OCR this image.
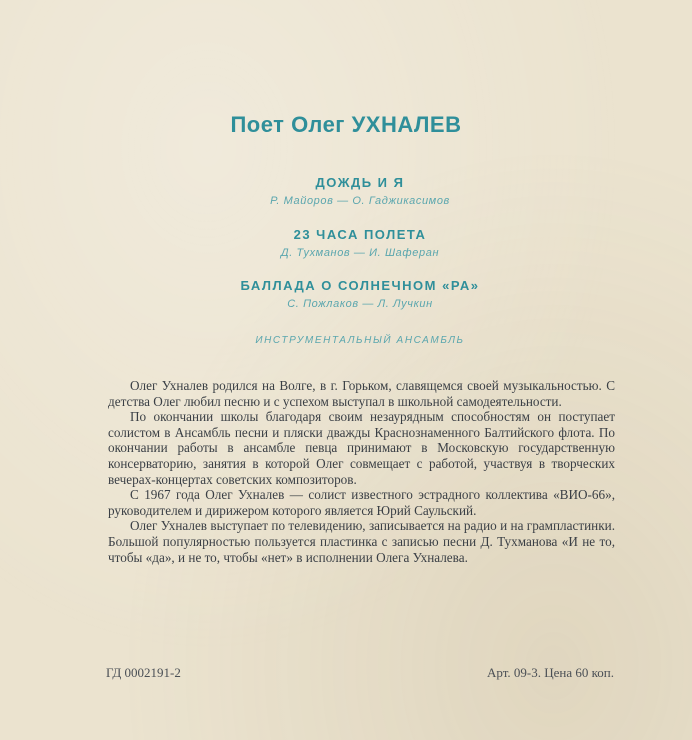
Поет Олег УХНАЛЕВ
ДОЖДЬ И Я
Р. Майоров — О. Гаджикасимов
23 ЧАСА ПОЛЕТА
Д. Тухманов — И. Шаферан
БАЛЛАДА О СОЛНЕЧНОМ «РА»
С. Пожлаков — Л. Лучкин
ИНСТРУМЕНТАЛЬНЫЙ АНСАМБЛЬ

Олег Ухналев родился на Волге, в г. Горьком, славящемся своей музыкальностью. С детства Олег любил песню и с успехом выступал в школьной самодеятельности.

По окончании школы благодаря своим незаурядным способностям он поступает солистом в Ансамбль песни и пляски дважды Краснознаменного Балтийского флота. По окончании работы в ансамбле певца принимают в Московскую государственную консерваторию, занятия в которой Олег совмещает с работой, участвуя в творческих вечерах-концертах советских композиторов.

С 1967 года Олег Ухналев — солист известного эстрадного коллектива «ВИО-66», руководителем и дирижером которого является Юрий Саульский.

Олег Ухналев выступает по телевидению, записывается на радио и на грампластинки. Большой популярностью пользуется пластинка с записью песни Д. Тухманова «И не то, чтобы «да», и не то, чтобы «нет» в исполнении Олега Ухналева.

ГД 0002191-2	Арт. 09-3. Цена 60 коп.
